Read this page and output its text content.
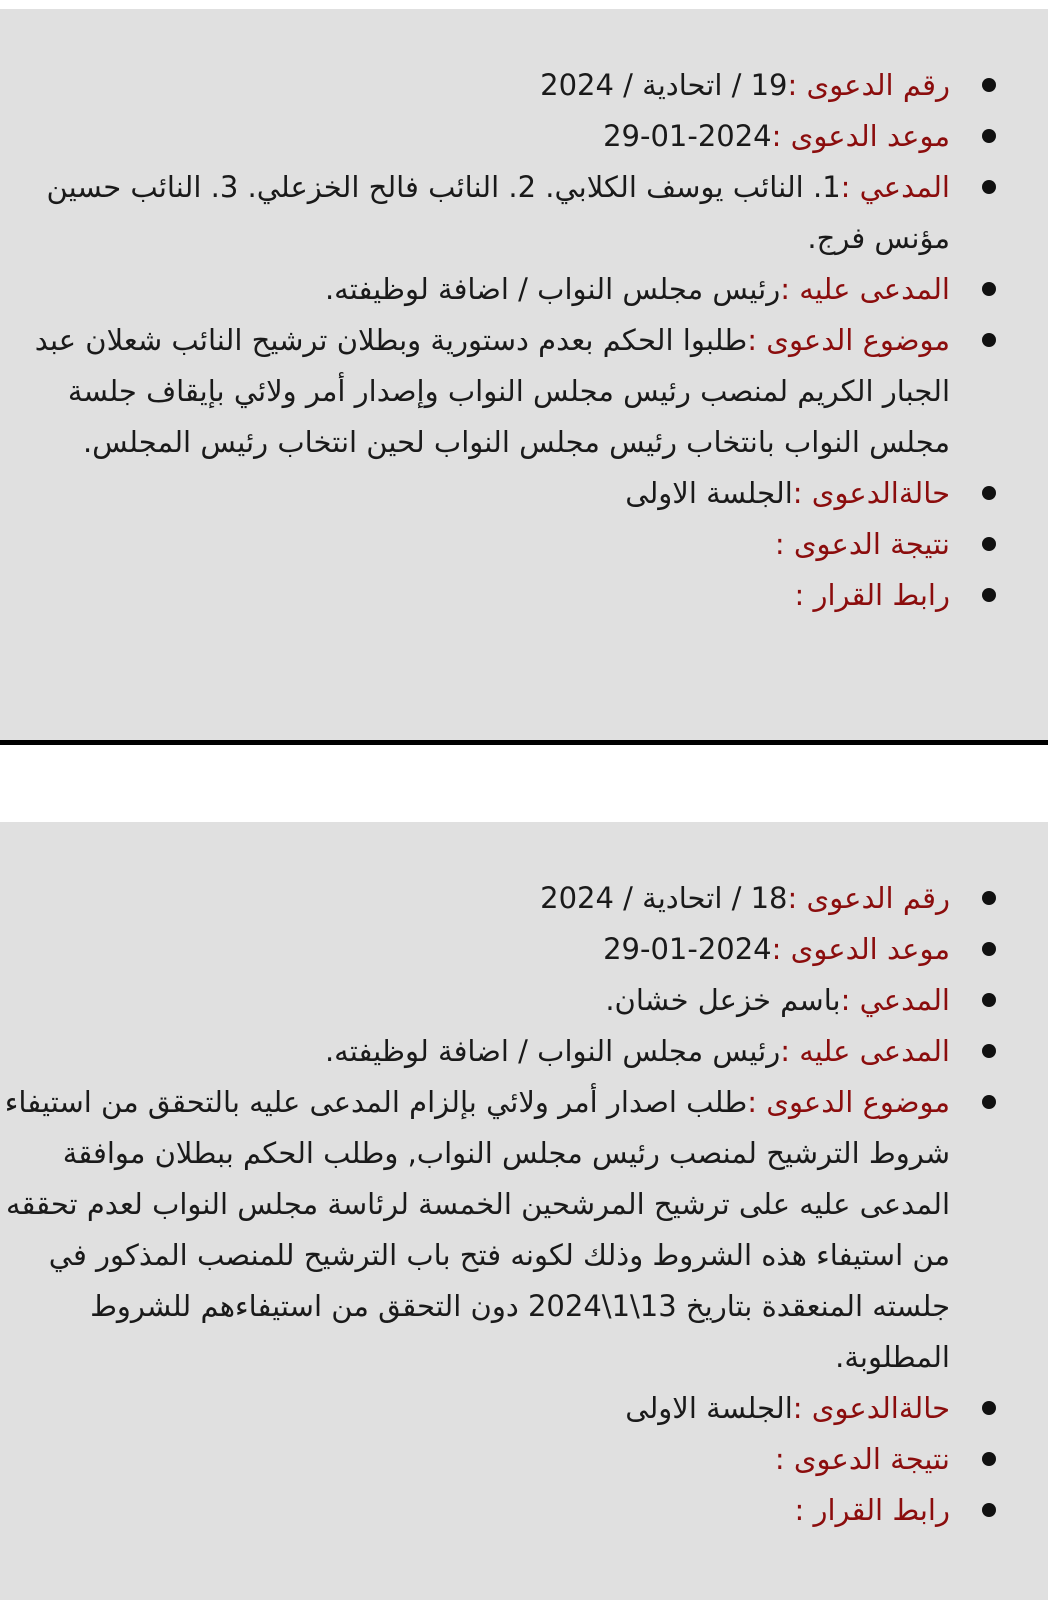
رقم الدعوى :19 / اتحادية / 2024
موعد الدعوى :2024-01-29
المدعي :1. النائب يوسف الكلابي. 2. النائب فالح الخزعلي. 3. النائب حسين مؤنس فرج.
المدعى عليه :رئيس مجلس النواب / اضافة لوظيفته.
موضوع الدعوى :طلبوا الحكم بعدم دستورية وبطلان ترشيح النائب شعلان عبد الجبار الكريم لمنصب رئيس مجلس النواب وإصدار أمر ولائي بإيقاف جلسة مجلس النواب بانتخاب رئيس مجلس النواب لحين انتخاب رئيس المجلس.
حالةالدعوى :الجلسة الاولى
نتيجة الدعوى :
رابط القرار :
رقم الدعوى :18 / اتحادية / 2024
موعد الدعوى :2024-01-29
المدعي :باسم خزعل خشان.
المدعى عليه :رئيس مجلس النواب / اضافة لوظيفته.
موضوع الدعوى :طلب اصدار أمر ولائي بإلزام المدعى عليه بالتحقق من استيفاء شروط الترشيح لمنصب رئيس مجلس النواب, وطلب الحكم ببطلان موافقة المدعى عليه على ترشيح المرشحين الخمسة لرئاسة مجلس النواب لعدم تحققه من استيفاء هذه الشروط وذلك لكونه فتح باب الترشيح للمنصب المذكور في جلسته المنعقدة بتاريخ 13\1\2024 دون التحقق من استيفاءهم للشروط المطلوبة.
حالةالدعوى :الجلسة الاولى
نتيجة الدعوى :
رابط القرار :
